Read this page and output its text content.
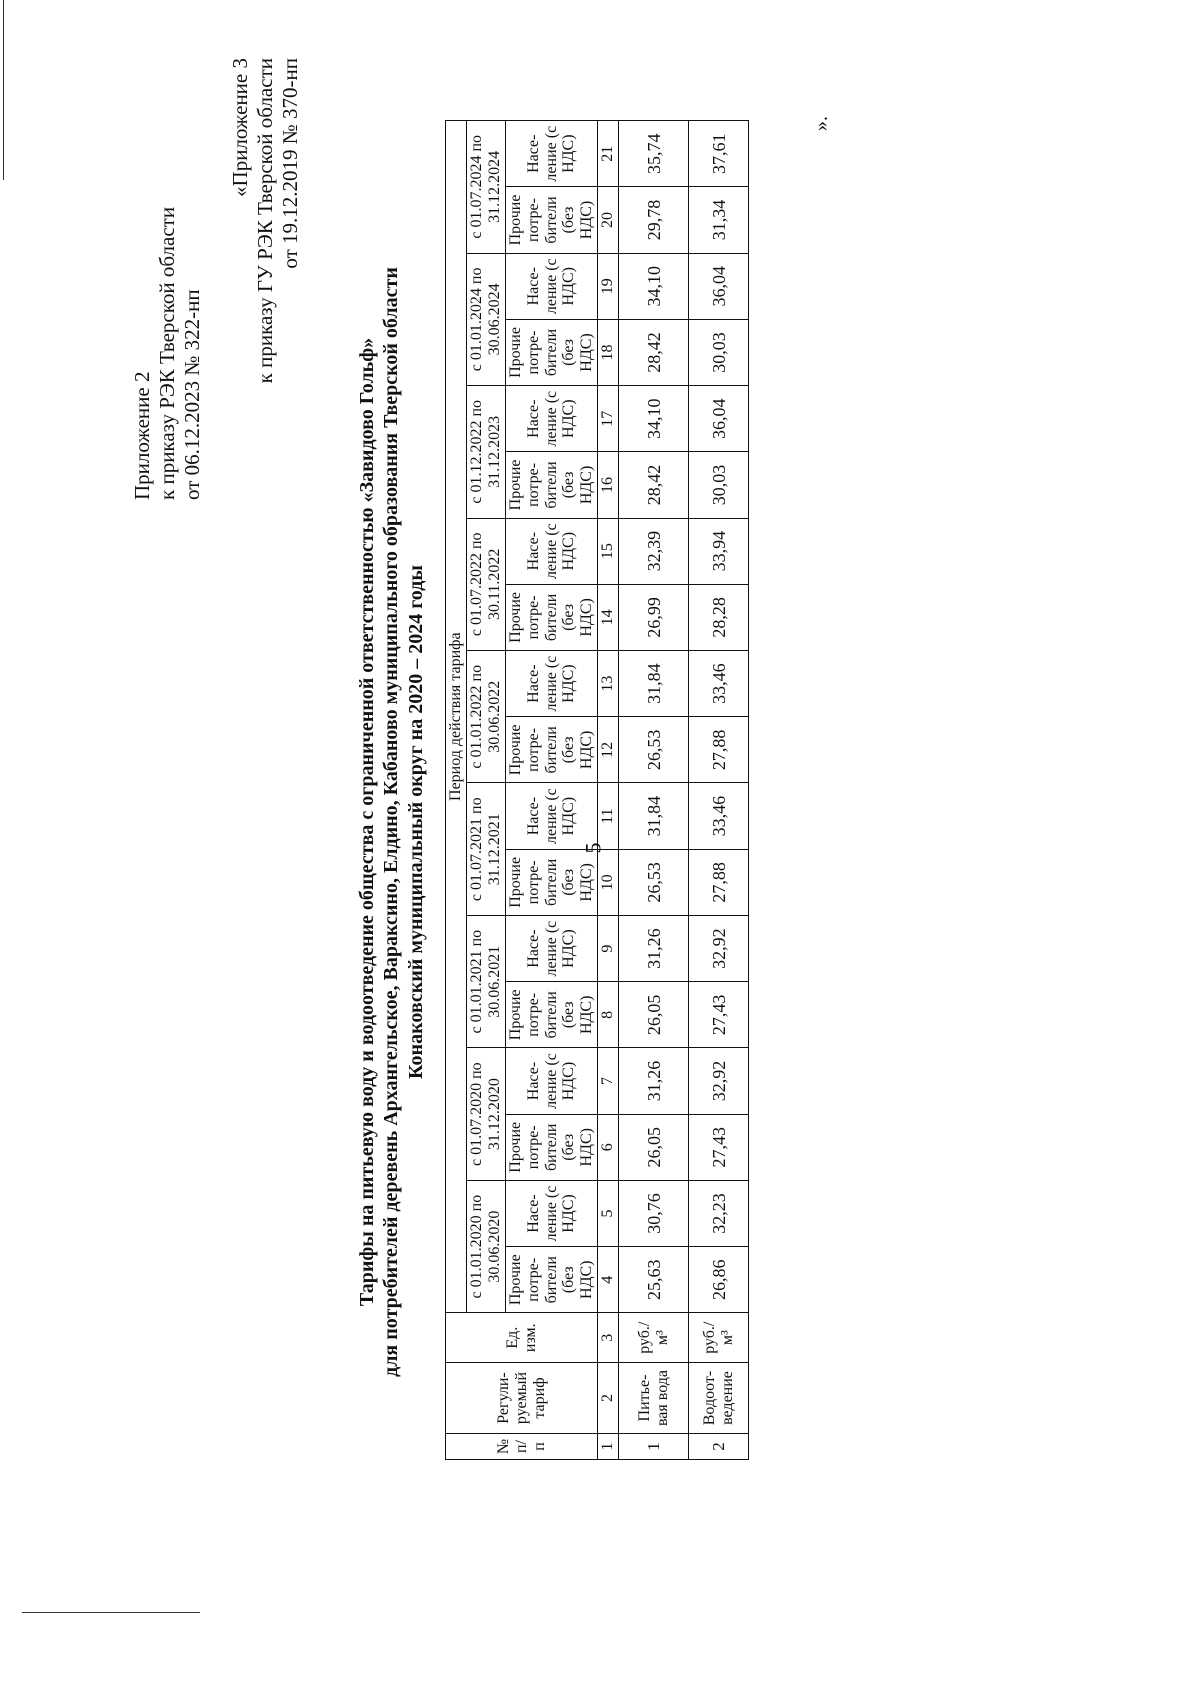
5
Приложение 2 к приказу РЭК Тверской области от 06.12.2023 № 322-нп
«Приложение 3 к приказу ГУ РЭК Тверской области от 19.12.2019 № 370-нп
Тарифы на питьевую воду и водоотведение общества с ограниченной ответственностью «Завидово Гольф» для потребителей деревень Архангельское, Вараксино, Елдино, Кабаново муниципального образования Тверской области Конаковский муниципальный округ на 2020 – 2024 годы
№ п/п	Регули-руемый тариф	Ед. изм.	Период действия тарифа																	
			с 01.01.2020 по 30.06.2020		с 01.07.2020 по 31.12.2020		с 01.01.2021 по 30.06.2021		с 01.07.2021 по 31.12.2021		с 01.01.2022 по 30.06.2022		с 01.07.2022 по 30.11.2022		с 01.12.2022 по 31.12.2023		с 01.01.2024 по 30.06.2024		с 01.07.2024 по 31.12.2024	
			Прочие потре-бители (без НДС)	Насе-ление (с НДС)	Прочие потре-бители (без НДС)	Насе-ление (с НДС)	Прочие потре-бители (без НДС)	Насе-ление (с НДС)	Прочие потре-бители (без НДС)	Насе-ление (с НДС)	Прочие потре-бители (без НДС)	Насе-ление (с НДС)	Прочие потре-бители (без НДС)	Насе-ление (с НДС)	Прочие потре-бители (без НДС)	Насе-ление (с НДС)	Прочие потре-бители (без НДС)	Насе-ление (с НДС)	Прочие потре-бители (без НДС)	Насе-ление (с НДС)
1	2	3	4	5	6	7	8	9	10	11	12	13	14	15	16	17	18	19	20	21
1	Питье-вая вода	руб./м³	25,63	30,76	26,05	31,26	26,05	31,26	26,53	31,84	26,53	31,84	26,99	32,39	28,42	34,10	28,42	34,10	29,78	35,74
2	Водоот-ведение	руб./м³	26,86	32,23	27,43	32,92	27,43	32,92	27,88	33,46	27,88	33,46	28,28	33,94	30,03	36,04	30,03	36,04	31,34	37,61
».
